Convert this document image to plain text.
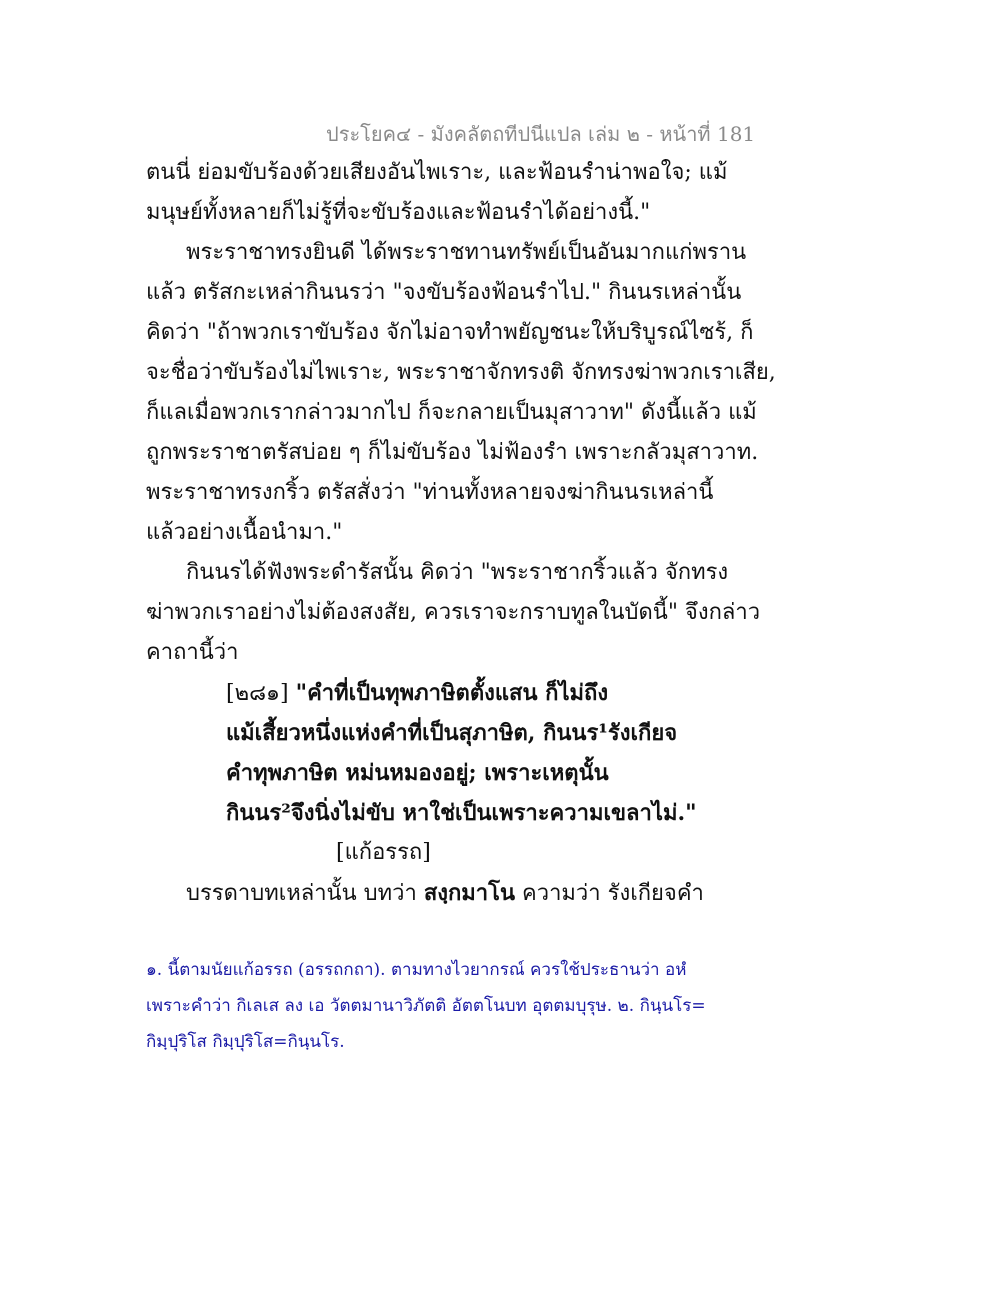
ประโยค๔ - มังคลัตถทีปนีแปล เล่ม ๒ - หน้าที่ 181
ตนนี่ ย่อมขับร้องด้วยเสียงอันไพเราะ, และฟ้อนรำน่าพอใจ; แม้
มนุษย์ทั้งหลายก็ไม่รู้ที่จะขับร้องและฟ้อนรำได้อย่างนี้."
พระราชาทรงยินดี ได้พระราชทานทรัพย์เป็นอันมากแก่พราน
แล้ว ตรัสกะเหล่ากินนรว่า "จงขับร้องฟ้อนรำไป." กินนรเหล่านั้น
คิดว่า "ถ้าพวกเราขับร้อง จักไม่อาจทำพยัญชนะให้บริบูรณ์ไซร้, ก็
จะชื่อว่าขับร้องไม่ไพเราะ, พระราชาจักทรงติ จักทรงฆ่าพวกเราเสีย,
ก็แลเมื่อพวกเรากล่าวมากไป ก็จะกลายเป็นมุสาวาท" ดังนี้แล้ว แม้
ถูกพระราชาตรัสบ่อย ๆ ก็ไม่ขับร้อง ไม่ฟ้องรำ เพราะกลัวมุสาวาท.
พระราชาทรงกริ้ว ตรัสสั่งว่า "ท่านทั้งหลายจงฆ่ากินนรเหล่านี้
แล้วอย่างเนื้อนำมา."
กินนรได้ฟังพระดำรัสนั้น คิดว่า "พระราชากริ้วแล้ว จักทรง
ฆ่าพวกเราอย่างไม่ต้องสงสัย, ควรเราจะกราบทูลในบัดนี้" จึงกล่าว
คาถานี้ว่า
[๒๘๑] "คำที่เป็นทุพภาษิตตั้งแสน ก็ไม่ถึง
แม้เสี้ยวหนึ่งแห่งคำที่เป็นสุภาษิต, กินนร¹รังเกียจ
คำทุพภาษิต หม่นหมองอยู่; เพราะเหตุนั้น
กินนร²จึงนิ่งไม่ขับ หาใช่เป็นเพราะความเขลาไม่."
[แก้อรรถ]
บรรดาบทเหล่านั้น บทว่า สงฺกมาโน ความว่า รังเกียจคำ
๑. นี้ตามนัยแก้อรรถ (อรรถกถา). ตามทางไวยากรณ์ ควรใช้ประธานว่า อหํ
เพราะคำว่า กิเลเส ลง เอ วัตตมานาวิภัตติ อัตตโนบท อุตตมบุรุษ. ๒. กินฺนโร=
กิมฺปุริโส กิมฺปุริโส=กินฺนโร.
